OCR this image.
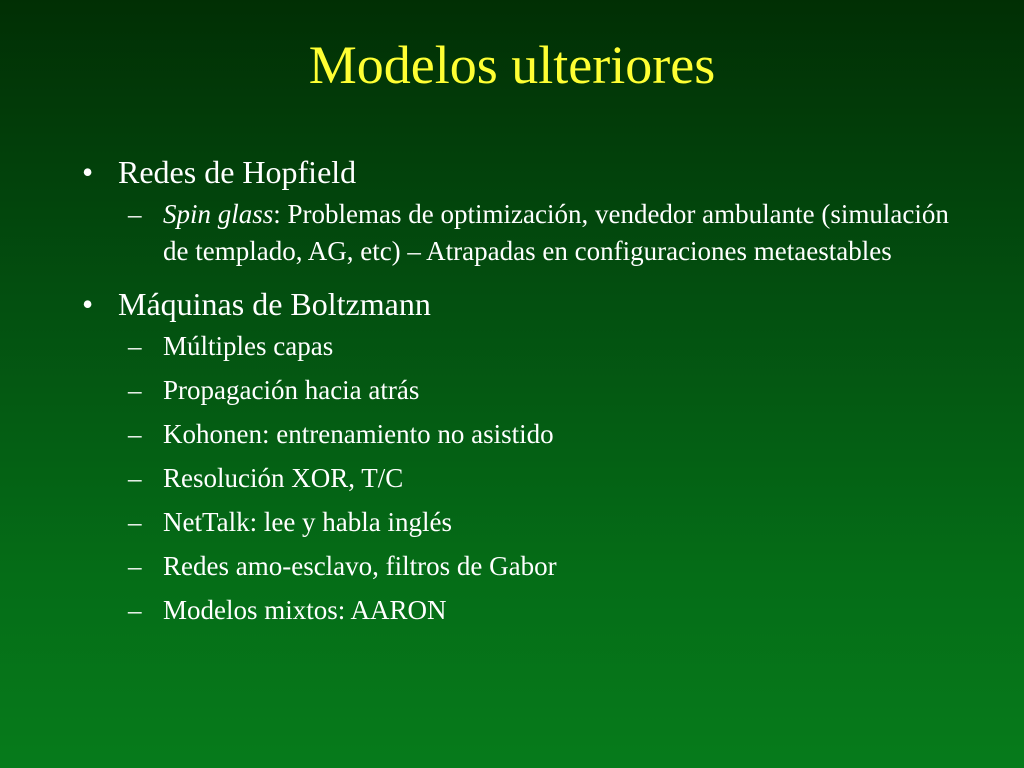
Modelos ulteriores
• Redes de Hopfield
– Spin glass: Problemas de optimización, vendedor ambulante (simulación de templado, AG, etc) – Atrapadas en configuraciones metaestables
• Máquinas de Boltzmann
– Múltiples capas
– Propagación hacia atrás
– Kohonen: entrenamiento no asistido
– Resolución XOR, T/C
– NetTalk: lee y habla inglés
– Redes amo-esclavo, filtros de Gabor
– Modelos mixtos: AARON
